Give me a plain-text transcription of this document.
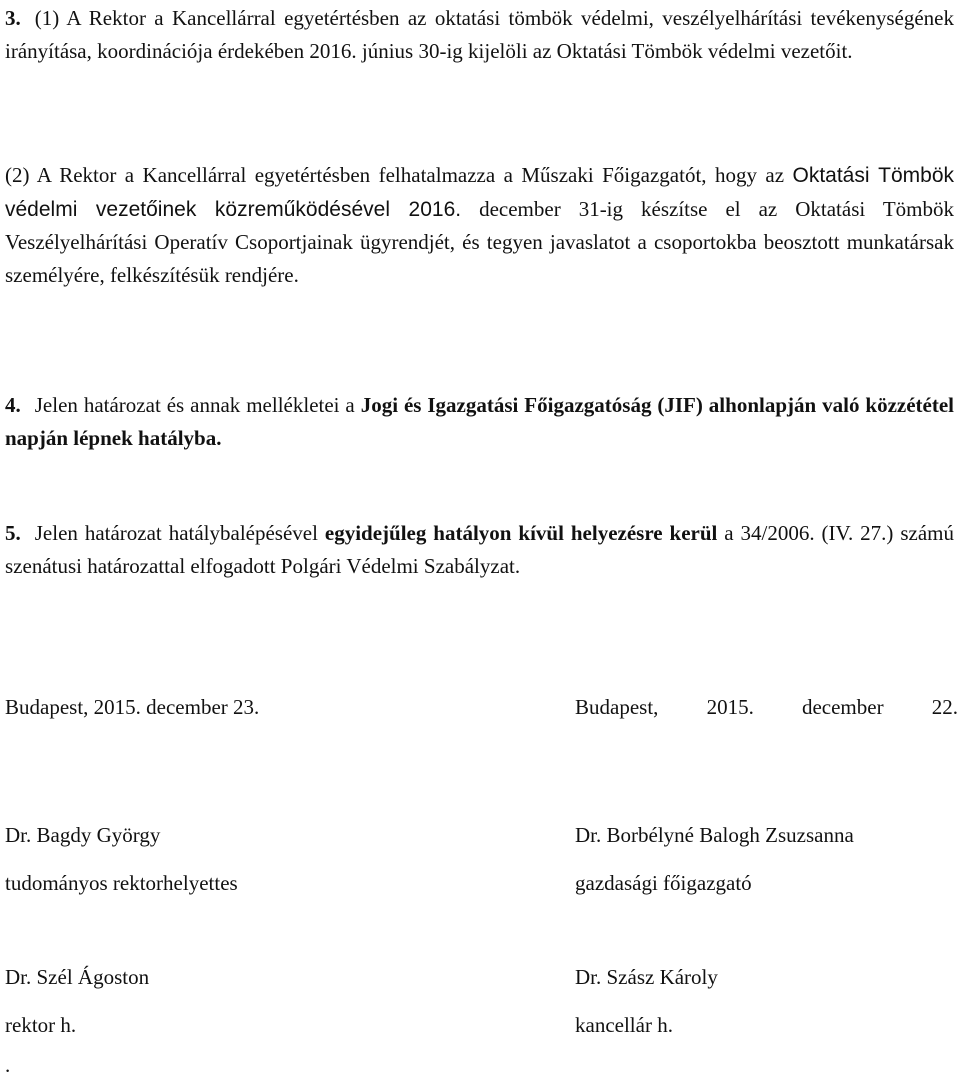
3. (1) A Rektor a Kancellárral egyetértésben az oktatási tömbök védelmi, veszélyelhárítási tevékenységének irányítása, koordinációja érdekében 2016. június 30-ig kijelöli az Oktatási Tömbök védelmi vezetőit.

(2) A Rektor a Kancellárral egyetértésben felhatalmazza a Műszaki Főigazgatót, hogy az Oktatási Tömbök védelmi vezetőinek közreműködésével 2016. december 31-ig készítse el az Oktatási Tömbök Veszélyelhárítási Operatív Csoportjainak ügyrendjét, és tegyen javaslatot a csoportokba beosztott munkatársak személyére, felkészítésük rendjére.

4. Jelen határozat és annak mellékletei a Jogi és Igazgatási Főigazgatóság (JIF) alhonlapján való közzététel napján lépnek hatályba.

5. Jelen határozat hatálybalépésével egyidejűleg hatályon kívül helyezésre kerül a 34/2006. (IV. 27.) számú szenátusi határozattal elfogadott Polgári Védelmi Szabályzat.

Budapest, 2015. december 23.

Dr. Bagdy György

tudományos rektorhelyettes

Dr. Szél Ágoston

rektor h.

.

Budapest, 2015. december 22.

Dr. Borbélyné Balogh Zsuzsanna

gazdasági főigazgató

Dr. Szász Károly

kancellár h.
